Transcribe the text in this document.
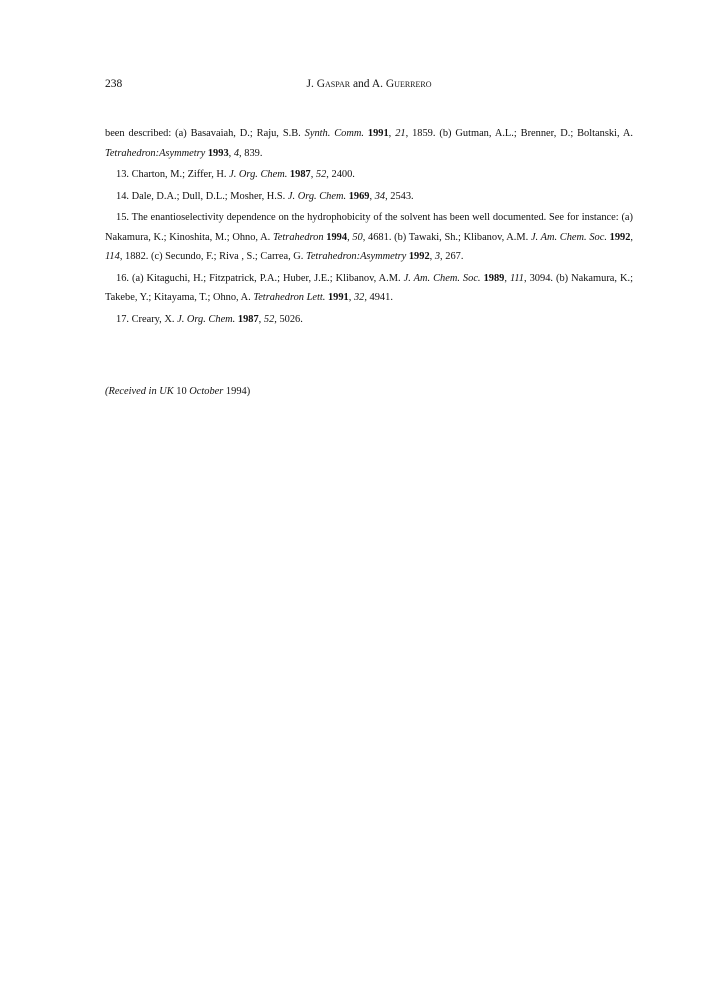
238	J. Gaspar and A. Guerrero

been described: (a) Basavaiah, D.; Raju, S.B. Synth. Comm. 1991, 21, 1859. (b) Gutman, A.L.; Brenner, D.; Boltanski, A. Tetrahedron:Asymmetry 1993, 4, 839.

13. Charton, M.; Ziffer, H. J. Org. Chem. 1987, 52, 2400.

14. Dale, D.A.; Dull, D.L.; Mosher, H.S. J. Org. Chem. 1969, 34, 2543.

15. The enantioselectivity dependence on the hydrophobicity of the solvent has been well documented. See for instance: (a) Nakamura, K.; Kinoshita, M.; Ohno, A. Tetrahedron 1994, 50, 4681. (b) Tawaki, Sh.; Klibanov, A.M. J. Am. Chem. Soc. 1992, 114, 1882. (c) Secundo, F.; Riva , S.; Carrea, G. Tetrahedron:Asymmetry 1992, 3, 267.

16. (a) Kitaguchi, H.; Fitzpatrick, P.A.; Huber, J.E.; Klibanov, A.M. J. Am. Chem. Soc. 1989, 111, 3094. (b) Nakamura, K.; Takebe, Y.; Kitayama, T.; Ohno, A. Tetrahedron Lett. 1991, 32, 4941.

17. Creary, X. J. Org. Chem. 1987, 52, 5026.

(Received in UK 10 October 1994)
